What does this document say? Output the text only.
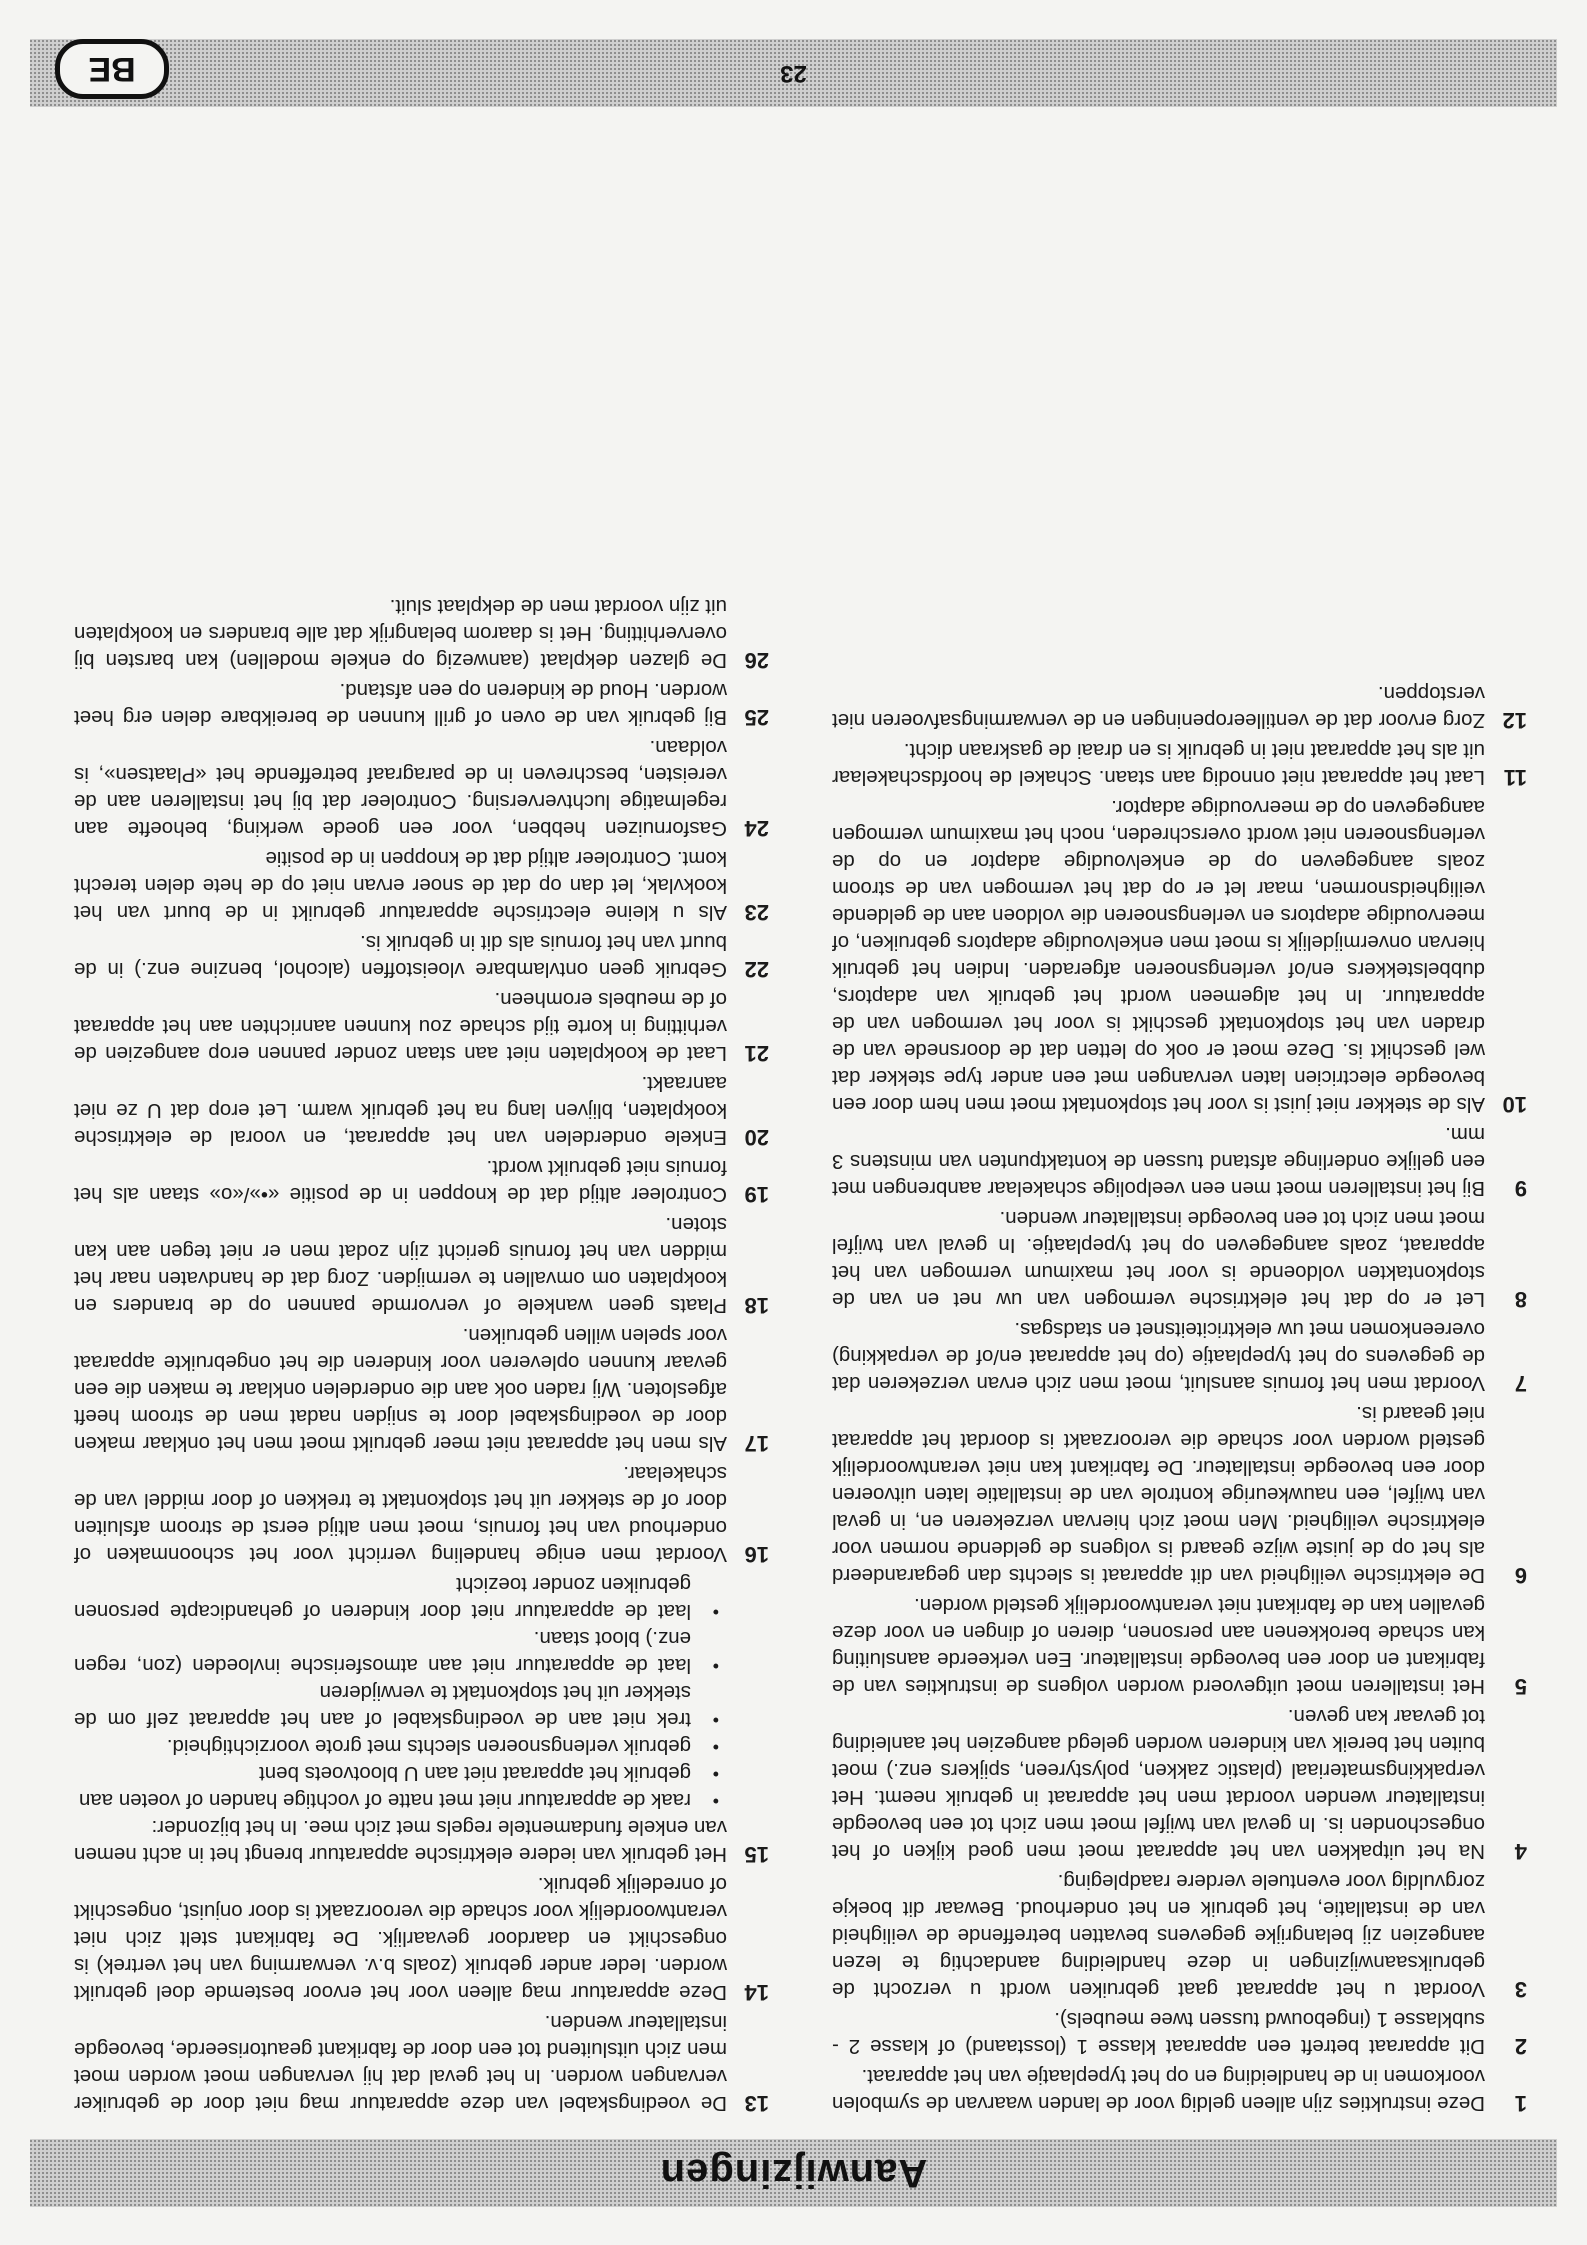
Aanwijzingen
1
Deze instrukties zijn alleen geldig voor de landen waarvan de symbolen voorkomen in de handleiding en op het typeplaatje van het apparaat.
2
Dit apparaat betreft een apparaat klasse 1 (losstaand) of klasse 2 - subklasse 1 (ingebouwd tussen twee meubels).
3
Voordat u het apparaat gaat gebruiken wordt u verzocht de gebruiksaanwijzingen in deze handleiding aandachtig te lezen aangezien zij belangrijke gegevens bevatten betreffende de veiligheid van de installatie, het gebruik en het onderhoud. Bewaar dit boekje zorgvuldig voor eventuele verdere raadpleging.
4
Na het uitpakken van het apparaat moet men goed kijken of het ongeschonden is. In geval van twijfel moet men zich tot een bevoegde installateur wenden voordat men het apparaat in gebruik neemt. Het verpakkingsmateriaal (plastic zakken, polystyreen, spijkers enz.) moet buiten het bereik van kinderen worden gelegd aangezien het aanleiding tot gevaar kan geven.
5
Het installeren moet uitgevoerd worden volgens de instrukties van de fabrikant en door een bevoegde installateur. Een verkeerde aansluiting kan schade berokkenen aan personen, dieren of dingen en voor deze gevallen kan de fabrikant niet verantwoordelijk gesteld worden.
6
De elektrische veiligheid van dit apparaat is slechts dan gegarandeerd als het op de juiste wijze geaard is volgens de geldende normen voor elektrische veiligheid. Men moet zich hiervan verzekeren en, in geval van twijfel, een nauwkeurige kontrole van de installatie laten uitvoeren door een bevoegde installateur. De fabrikant kan niet verantwoordelijk gesteld worden voor schade die veroorzaakt is doordat het apparaat niet geaard is.
7
Voordat men het fornuis aansluit, moet men zich ervan verzekeren dat de gegevens op het typeplaatje (op het apparaat en/of de verpakking) overeenkomen met uw elektriciteitsnet en stadsgas.
8
Let er op dat het elektrische vermogen van uw net en van de stopkontakten voldoende is voor het maximum vermogen van het apparaat, zoals aangegeven op het typeplaatje. In geval van twijfel moet men zich tot een bevoegde installateur wenden.
9
Bij het installeren moet men een veelpolige schakelaar aanbrengen met een gelijke onderlinge afstand tussen de kontaktpunten van minstens 3 mm.
10
Als de stekker niet juist is voor het stopkontakt moet men hem door een bevoegde electricien laten vervangen met een ander type stekker dat wel geschikt is. Deze moet er ook op letten dat de doorsnede van de draden van het stopkontakt geschikt is voor het vermogen van de apparatuur. In het algemeen wordt het gebruik van adaptors, dubbelstekkers en/of verlengsnoeren afgeraden. Indien het gebruik hiervan onvermijdelijk is moet men enkelvoudige adaptors gebruiken, of meervoudige adaptors en verlengsnoeren die voldoen aan de geldende veiligheidsnormen, maar let er op dat het vermogen van de stroom zoals aangegeven op de enkelvoudige adaptor en op de verlengsnoeren niet wordt overschreden, noch het maximum vermogen aangegeven op de meervoudige adaptor.
11
Laat het apparaat niet onnodig aan staan. Schakel de hoofdschakelaar uit als het apparaat niet in gebruik is en draai de gaskraan dicht.
12
Zorg ervoor dat de ventilleeropeningen en de verwarmingsafvoeren niet verstoppen.
13
De voedingskabel van deze apparatuur mag niet door de gebruiker vervangen worden. In het geval dat hij vervangen moet worden moet men zich uitsluitend tot een door de fabrikant geautoriseerde, bevoegde installateur wenden.
14
Deze apparatuur mag alleen voor het ervoor bestemde doel gebruikt worden. Ieder ander gebruik (zoals b.v. verwarming van het vertrek) is ongeschikt en daardoor gevaarlijk. De fabrikant stelt zich niet verantwoordelijk voor schade die veroorzaakt is door onjuist, ongeschikt of onredelijk gebruik.
15
Het gebruik van iedere elektrische apparatuur brengt het in acht nemen van enkele fundamentele regels met zich mee. In het bijzonder:
• raak de apparatuur niet met natte of vochtige handen of voeten aan
• gebruik het apparaat niet aan U blootvoets bent
• gebruik verlengsnoeren slechts met grote voorzichtigheid.
• trek niet aan de voedingskabel of aan het apparaat zelf om de stekker uit het stopkontakt te verwijderen
• laat de apparatuur niet aan atmosferische invloeden (zon, regen enz.) bloot staan.
• laat de apparatuur niet door kinderen of gehandicapte personen gebruiken zonder toezicht
16
Voordat men enige handeling verricht voor het schoonmaken of onderhoud van het fornuis, moet men altijd eerst de stroom afsluiten door of de stekker uit het stopkontakt te trekken of door middel van de schakelaar.
17
Als men het apparaat niet meer gebruikt moet men het onklaar maken door de voedingskabel door te snijden nadat men de stroom heeft afgesloten. Wij raden ook aan die onderdelen onklaar te maken die een gevaar kunnen opleveren voor kinderen die het ongebruikte apparaat voor spelen willen gebruiken.
18
Plaats geen wankele of vervormde pannen op de branders en kookplaten om omvallen te vermijden. Zorg dat de handvaten naar het midden van het fornuis gericht zijn zodat men er niet tegen aan kan stoten.
19
Controleer altijd dat de knoppen in de positie «•»/«o» staan als het fornuis niet gebruikt wordt.
20
Enkele onderdelen van het apparaat, en vooral de elektrische kookplaten, blijven lang na het gebruik warm. Let erop dat U ze niet aanraakt.
21
Laat de kookplaten niet aan staan zonder pannen erop aangezien de verhitting in korte tijd schade zou kunnen aanrichten aan het apparaat of de meubels eromheen.
22
Gebruik geen ontvlambare vloeistoffen (alcohol, benzine enz.) in de buurt van het fornuis als dit in gebruik is.
23
Als u kleine electrische apparatuur gebruikt in de buurt van het kookvlak, let dan op dat de snoer ervan niet op de hete delen terecht komt. Controleer altijd dat de knoppen in de positie
24
Gasfornuizen hebben, voor een goede werking, behoefte aan regelmatige luchtverversing. Controleer dat bij het installeren aan de vereisten, beschreven in de paragraaf betreffende het «Plaatsen», is voldaan.
25
Bij gebruik van de oven of grill kunnen de bereikbare delen erg heet worden. Houd de kinderen op een afstand.
26
De glazen dekplaat (aanwezig op enkele modellen) kan barsten bij oververhitting. Het is daarom belangrijk dat alle branders en kookplaten uit zijn voordat men de dekplaat sluit.
23
BE
